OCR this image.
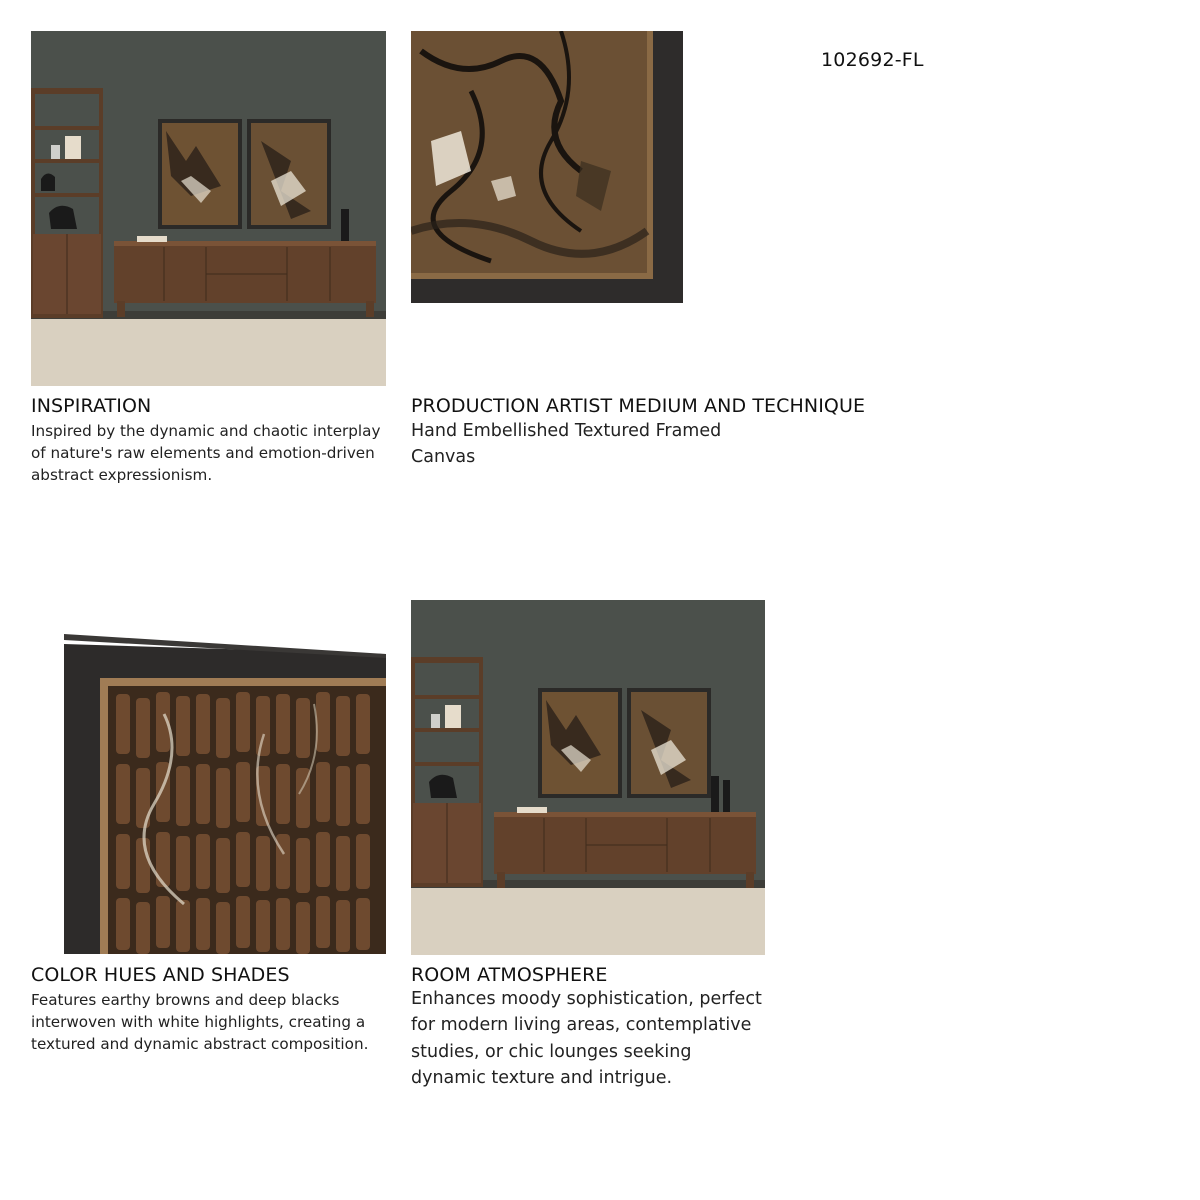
102692-FL
INSPIRATION
Inspired by the dynamic and chaotic interplay
of nature's raw elements and emotion-driven
abstract expressionism.
PRODUCTION ARTIST MEDIUM AND TECHNIQUE
Hand Embellished Textured Framed
Canvas
COLOR HUES AND SHADES
Features earthy browns and deep blacks
interwoven with white highlights, creating a
textured and dynamic abstract composition.
ROOM ATMOSPHERE
Enhances moody sophistication, perfect
for modern living areas, contemplative
studies, or chic lounges seeking
dynamic texture and intrigue.
